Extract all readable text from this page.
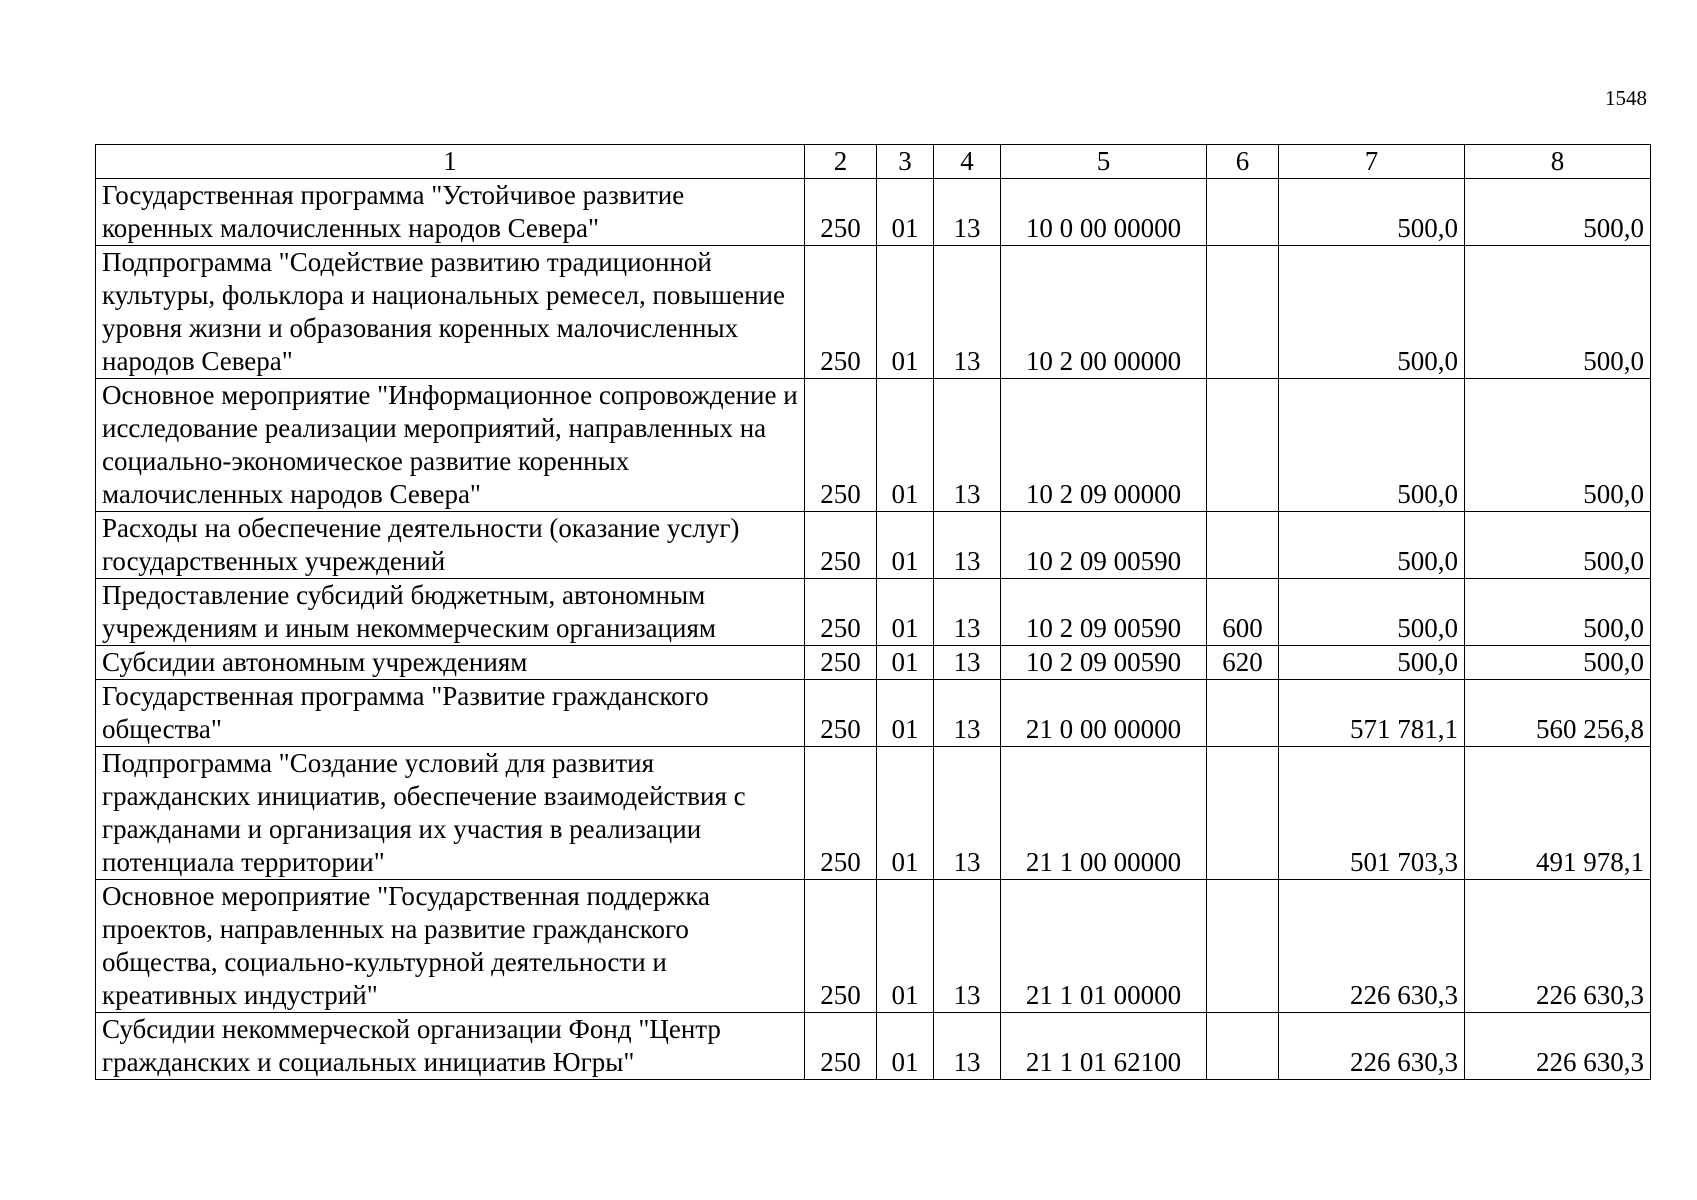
1548
1	2	3	4	5	6	7	8
Государственная программа "Устойчивое развитие коренных малочисленных народов Севера"	250	01	13	10 0 00 00000		500,0	500,0
Подпрограмма "Содействие развитию традиционной культуры, фольклора и национальных ремесел, повышение уровня жизни и образования коренных малочисленных народов Севера"	250	01	13	10 2 00 00000		500,0	500,0
Основное мероприятие "Информационное сопровождение и исследование реализации мероприятий, направленных на социально-экономическое развитие коренных малочисленных народов Севера"	250	01	13	10 2 09 00000		500,0	500,0
Расходы на обеспечение деятельности (оказание услуг) государственных учреждений	250	01	13	10 2 09 00590		500,0	500,0
Предоставление субсидий бюджетным, автономным учреждениям и иным некоммерческим организациям	250	01	13	10 2 09 00590	600	500,0	500,0
Субсидии автономным учреждениям	250	01	13	10 2 09 00590	620	500,0	500,0
Государственная программа "Развитие гражданского общества"	250	01	13	21 0 00 00000		571 781,1	560 256,8
Подпрограмма "Создание условий для развития гражданских инициатив, обеспечение взаимодействия с гражданами и организация их участия в реализации потенциала территории"	250	01	13	21 1 00 00000		501 703,3	491 978,1
Основное мероприятие "Государственная поддержка проектов, направленных на развитие гражданского общества, социально-культурной деятельности и креативных индустрий"	250	01	13	21 1 01 00000		226 630,3	226 630,3
Субсидии некоммерческой организации Фонд "Центр гражданских и социальных инициатив Югры"	250	01	13	21 1 01 62100		226 630,3	226 630,3
